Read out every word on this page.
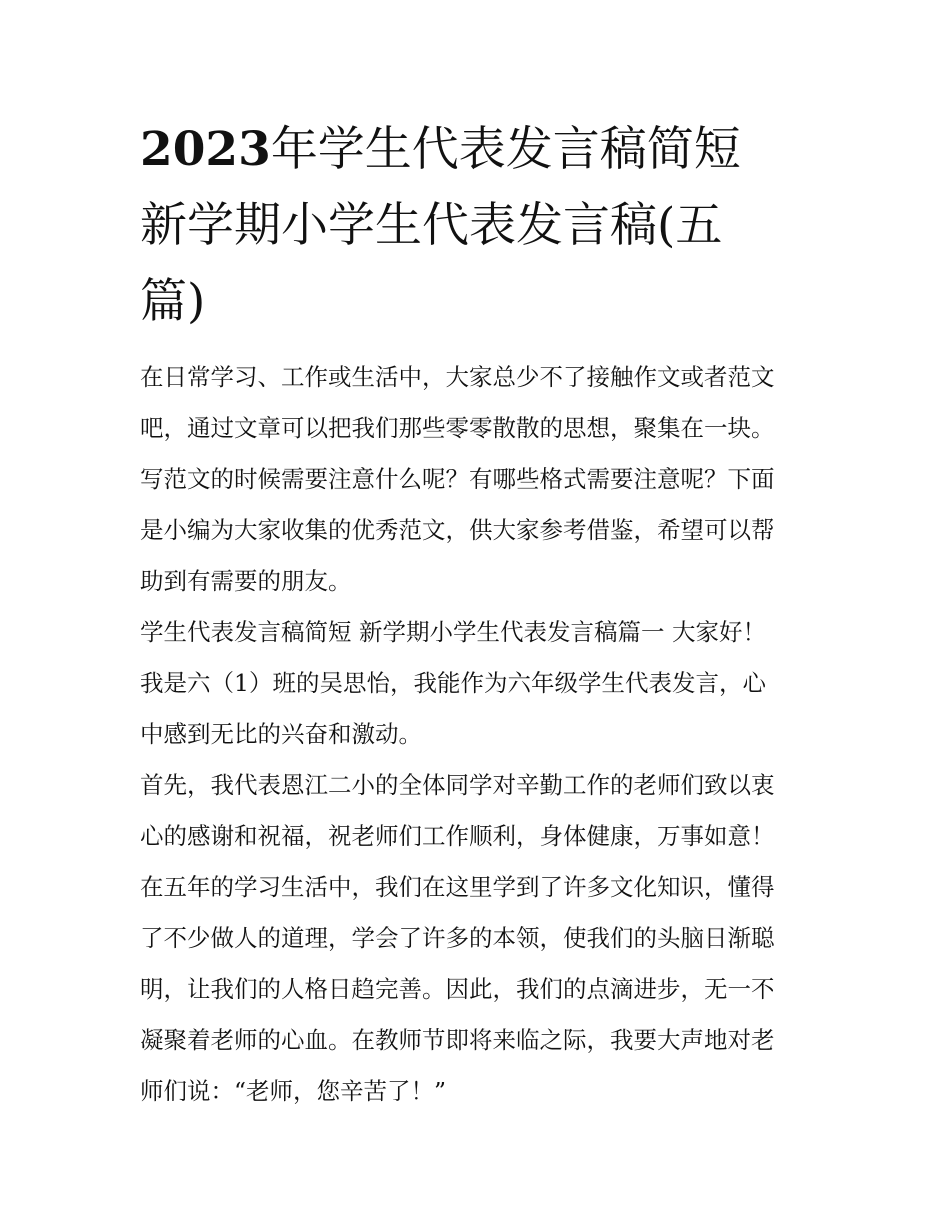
2023年学生代表发言稿简短
新学期小学生代表发言稿(五
篇)

在日常学习、工作或生活中，大家总少不了接触作文或者范文
吧，通过文章可以把我们那些零零散散的思想，聚集在一块。
写范文的时候需要注意什么呢？有哪些格式需要注意呢？下面
是小编为大家收集的优秀范文，供大家参考借鉴，希望可以帮
助到有需要的朋友。

学生代表发言稿简短 新学期小学生代表发言稿篇一 大家好！
我是六（1）班的吴思怡，我能作为六年级学生代表发言，心
中感到无比的兴奋和激动。

首先，我代表恩江二小的全体同学对辛勤工作的老师们致以衷
心的感谢和祝福，祝老师们工作顺利，身体健康，万事如意！
在五年的学习生活中，我们在这里学到了许多文化知识，懂得
了不少做人的道理，学会了许多的本领，使我们的头脑日渐聪
明，让我们的人格日趋完善。因此，我们的点滴进步，无一不
凝聚着老师的心血。在教师节即将来临之际，我要大声地对老
师们说：“老师，您辛苦了！”
